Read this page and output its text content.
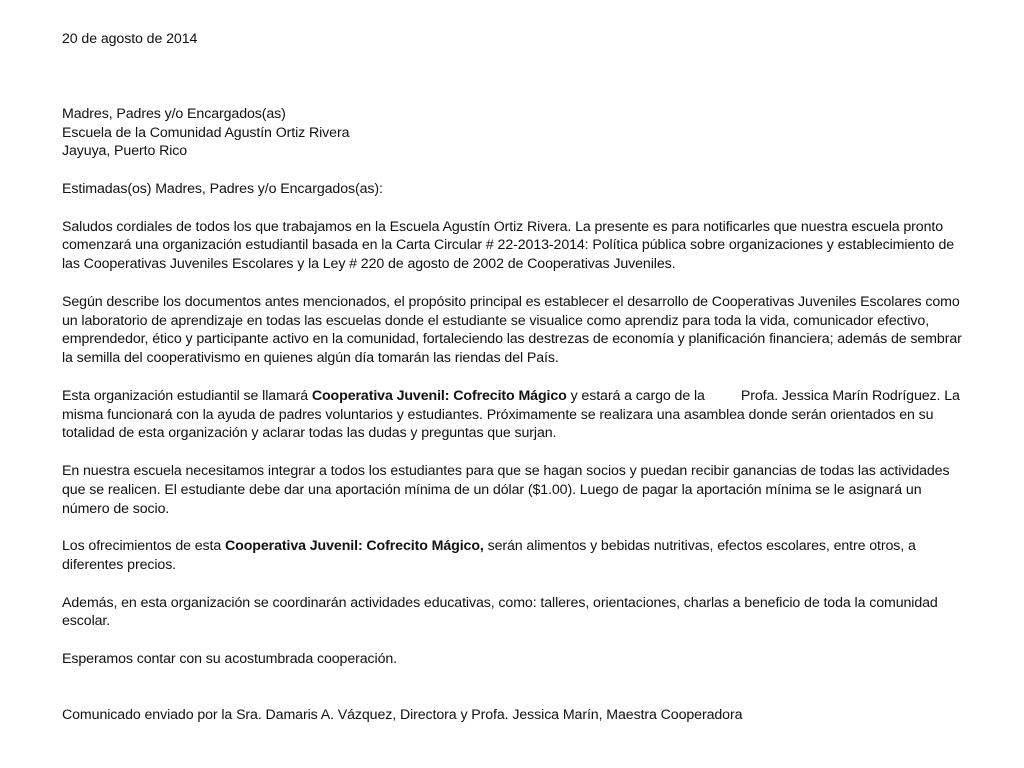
20 de agosto de 2014

Madres, Padres y/o Encargados(as)

Escuela de la Comunidad Agustín Ortiz Rivera

Jayuya, Puerto Rico

Estimadas(os) Madres, Padres y/o Encargados(as):

Saludos cordiales de todos los que trabajamos en la Escuela Agustín Ortiz Rivera. La presente es para notificarles que nuestra escuela pronto comenzará una organización estudiantil basada en la Carta Circular # 22-2013-2014: Política pública sobre organizaciones y establecimiento de las Cooperativas Juveniles Escolares y la Ley # 220 de agosto de 2002 de Cooperativas Juveniles.

Según describe los documentos antes mencionados, el propósito principal es establecer el desarrollo de Cooperativas Juveniles Escolares como un laboratorio de aprendizaje en todas las escuelas donde el estudiante se visualice como aprendiz para toda la vida, comunicador efectivo, emprendedor, ético y participante activo en la comunidad, fortaleciendo las destrezas de economía y planificación financiera; además de sembrar la semilla del cooperativismo en quienes algún día tomarán las riendas del País.

Esta organización estudiantil se llamará Cooperativa Juvenil: Cofrecito Mágico y estará a cargo de la	Profa. Jessica Marín Rodríguez. La misma funcionará con la ayuda de padres voluntarios y estudiantes. Próximamente se realizara una asamblea donde serán orientados en su totalidad de esta organización y aclarar todas las dudas y preguntas que surjan.

En nuestra escuela necesitamos integrar a todos los estudiantes para que se hagan socios y puedan recibir ganancias de todas las actividades que se realicen. El estudiante debe dar una aportación mínima de un dólar ($1.00). Luego de pagar la aportación mínima se le asignará un número de socio.

Los ofrecimientos de esta Cooperativa Juvenil: Cofrecito Mágico, serán alimentos y bebidas nutritivas, efectos escolares, entre otros, a diferentes precios.

Además, en esta organización se coordinarán actividades educativas, como: talleres, orientaciones, charlas a beneficio de toda la comunidad escolar.

Esperamos contar con su acostumbrada cooperación.

Comunicado enviado por la Sra. Damaris A. Vázquez, Directora y Profa. Jessica Marín, Maestra Cooperadora
